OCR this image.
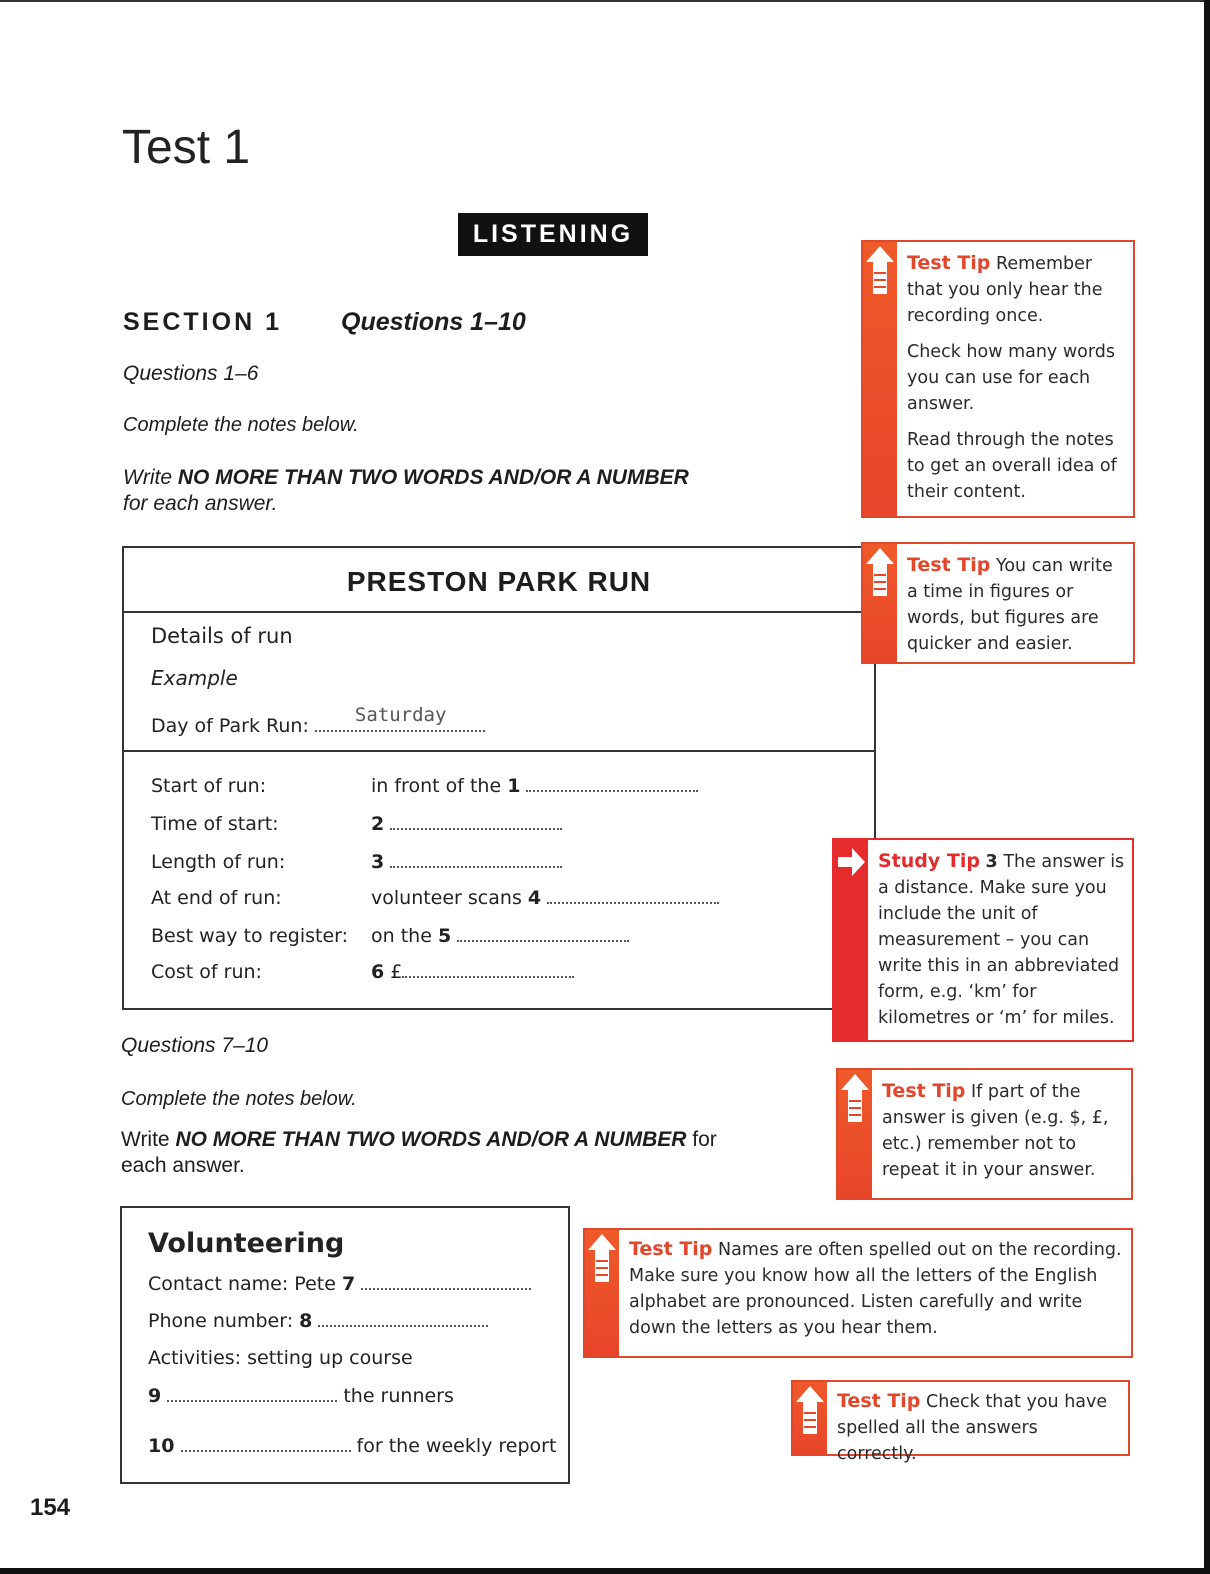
Test 1
LISTENING
SECTION 1 Questions 1–10
Questions 1–6
Complete the notes below.
Write NO MORE THAN TWO WORDS AND/OR A NUMBER
for each answer.
PRESTON PARK RUN
Details of run
Example
Day of Park Run: Saturday
Start of run:	in front of the 1
Time of start:	2
Length of run:	3
At end of run:	volunteer scans 4
Best way to register: on the 5
Cost of run:	6 £
Questions 7–10
Complete the notes below.
Write NO MORE THAN TWO WORDS AND/OR A NUMBER for
each answer.
Volunteering
Contact name: Pete 7
Phone number: 8
Activities: setting up course
9	the runners
10	for the weekly report

Test Tip Remember that you only hear the recording once.

Check how many words you can use for each answer.

Read through the notes to get an overall idea of their content.

Test Tip You can write a time in figures or words, but figures are quicker and easier.
Study Tip 3 The answer is a distance. Make sure you include the unit of measurement – you can write this in an abbreviated form, e.g. ‘km’ for kilometres or ‘m’ for miles.
Test Tip If part of the answer is given (e.g. $, £, etc.) remember not to repeat it in your answer.
Test Tip Names are often spelled out on the recording. Make sure you know how all the letters of the English alphabet are pronounced. Listen carefully and write down the letters as you hear them.
Test Tip Check that you have spelled all the answers correctly.
154
